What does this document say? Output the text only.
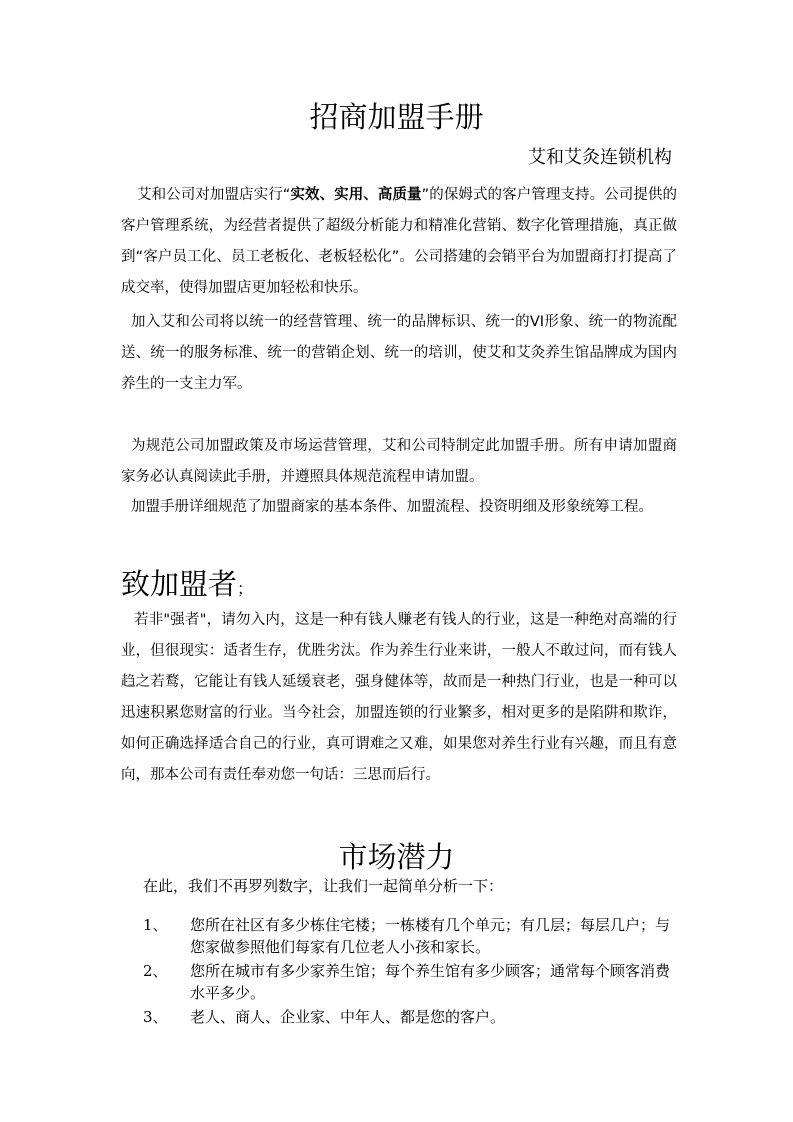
招商加盟手册

艾和艾灸连锁机构

艾和公司对加盟店实行“实效、实用、高质量”的保姆式的客户管理支持。公司提供的客户管理系统，为经营者提供了超级分析能力和精准化营销、数字化管理措施，真正做到“客户员工化、员工老板化、老板轻松化”。公司搭建的会销平台为加盟商打打提高了成交率，使得加盟店更加轻松和快乐。

加入艾和公司将以统一的经营管理、统一的品牌标识、统一的VI形象、统一的物流配送、统一的服务标准、统一的营销企划、统一的培训，使艾和艾灸养生馆品牌成为国内养生的一支主力军。

为规范公司加盟政策及市场运营管理，艾和公司特制定此加盟手册。所有申请加盟商家务必认真阅读此手册，并遵照具体规范流程申请加盟。

加盟手册详细规范了加盟商家的基本条件、加盟流程、投资明细及形象统筹工程。

致加盟者；

若非"强者"，请勿入内，这是一种有钱人赚老有钱人的行业，这是一种绝对高端的行业，但很现实：适者生存，优胜劣汰。作为养生行业来讲，一般人不敢过问，而有钱人趋之若鹜，它能让有钱人延缓衰老，强身健体等，故而是一种热门行业，也是一种可以迅速积累您财富的行业。当今社会，加盟连锁的行业繁多，相对更多的是陷阱和欺诈，如何正确选择适合自己的行业，真可谓难之又难，如果您对养生行业有兴趣，而且有意向，那本公司有责任奉劝您一句话：三思而后行。

市场潜力

在此，我们不再罗列数字，让我们一起简单分析一下：

1、	您所在社区有多少栋住宅楼；一栋楼有几个单元；有几层；每层几户；与您家做参照他们每家有几位老人小孩和家长。
2、	您所在城市有多少家养生馆；每个养生馆有多少顾客；通常每个顾客消费水平多少。
3、	老人、商人、企业家、中年人、都是您的客户。
